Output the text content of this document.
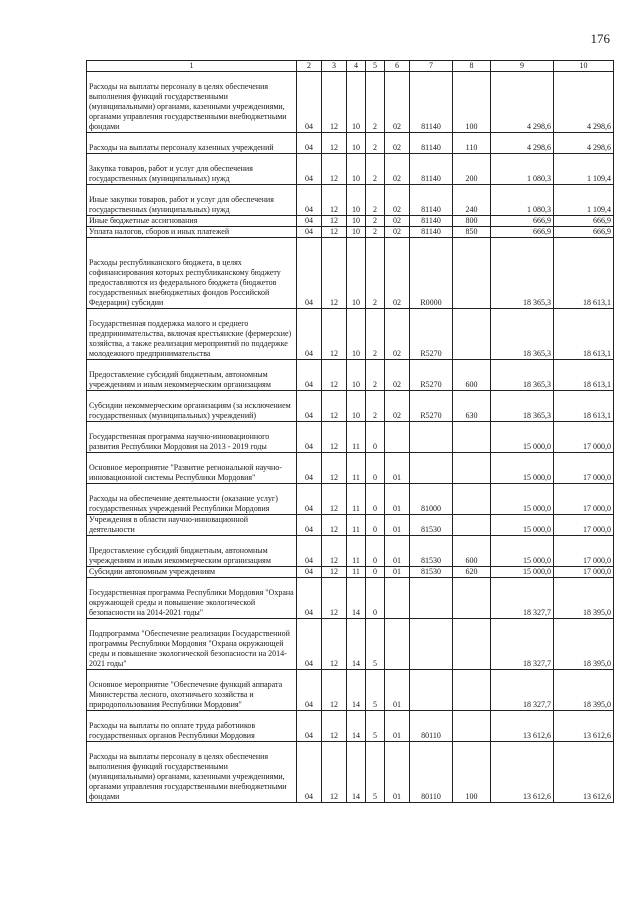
176
1	2	3	4	5	6	7	8	9	10
Расходы на выплаты персоналу в целях обеспечения выполнения функций государственными (муниципальными) органами, казенными учреждениями, органами управления государственными внебюджетными фондами	04	12	10	2	02	81140	100	4 298,6	4 298,6
Расходы на выплаты персоналу казенных учреждений	04	12	10	2	02	81140	110	4 298,6	4 298,6
Закупка товаров, работ и услуг для обеспечения государственных (муниципальных) нужд	04	12	10	2	02	81140	200	1 080,3	1 109,4
Иные закупки товаров, работ и услуг для обеспечения государственных (муниципальных) нужд	04	12	10	2	02	81140	240	1 080,3	1 109,4
Иные бюджетные ассигнования	04	12	10	2	02	81140	800	666,9	666,9
Уплата налогов, сборов и иных платежей	04	12	10	2	02	81140	850	666,9	666,9
Расходы республиканского бюджета, в целях софинансирования которых республиканскому бюджету предоставляются из федерального бюджета (бюджетов государственных внебюджетных фондов Российской Федерации) субсидии	04	12	10	2	02	R0000		18 365,3	18 613,1
Государственная поддержка малого и среднего предпринимательства, включая крестьянские (фермерские) хозяйства, а также реализация мероприятий по поддержке молодежного предпринимательства	04	12	10	2	02	R5270		18 365,3	18 613,1
Предоставление субсидий бюджетным, автономным учреждениям и иным некоммерческим организациям	04	12	10	2	02	R5270	600	18 365,3	18 613,1
Субсидии некоммерческим организациям (за исключением государственных (муниципальных) учреждений)	04	12	10	2	02	R5270	630	18 365,3	18 613,1
Государственная программа научно-инновационного развития Республики Мордовия на 2013 - 2019 годы	04	12	11	0				15 000,0	17 000,0
Основное мероприятие "Развитие региональной научно-инновационной системы Республики Мордовия"	04	12	11	0	01			15 000,0	17 000,0
Расходы на обеспечение деятельности (оказание услуг) государственных учреждений Республики Мордовия	04	12	11	0	01	81000		15 000,0	17 000,0
Учреждения в области научно-инновационной деятельности	04	12	11	0	01	81530		15 000,0	17 000,0
Предоставление субсидий бюджетным, автономным учреждениям и иным некоммерческим организациям	04	12	11	0	01	81530	600	15 000,0	17 000,0
Субсидии автономным учреждениям	04	12	11	0	01	81530	620	15 000,0	17 000,0
Государственная программа Республики Мордовия "Охрана окружающей среды и повышение экологической безопасности на 2014-2021 годы"	04	12	14	0				18 327,7	18 395,0
Подпрограмма "Обеспечение реализации Государственной программы Республики Мордовия "Охрана окружающей среды и повышение экологической безопасности на 2014-2021 годы"	04	12	14	5				18 327,7	18 395,0
Основное мероприятие "Обеспечение функций аппарата Министерства лесного, охотничьего хозяйства и природопользования Республики Мордовия"	04	12	14	5	01			18 327,7	18 395,0
Расходы на выплаты по оплате труда работников государственных органов Республики Мордовия	04	12	14	5	01	80110		13 612,6	13 612,6
Расходы на выплаты персоналу в целях обеспечения выполнения функций государственными (муниципальными) органами, казенными учреждениями, органами управления государственными внебюджетными фондами	04	12	14	5	01	80110	100	13 612,6	13 612,6
